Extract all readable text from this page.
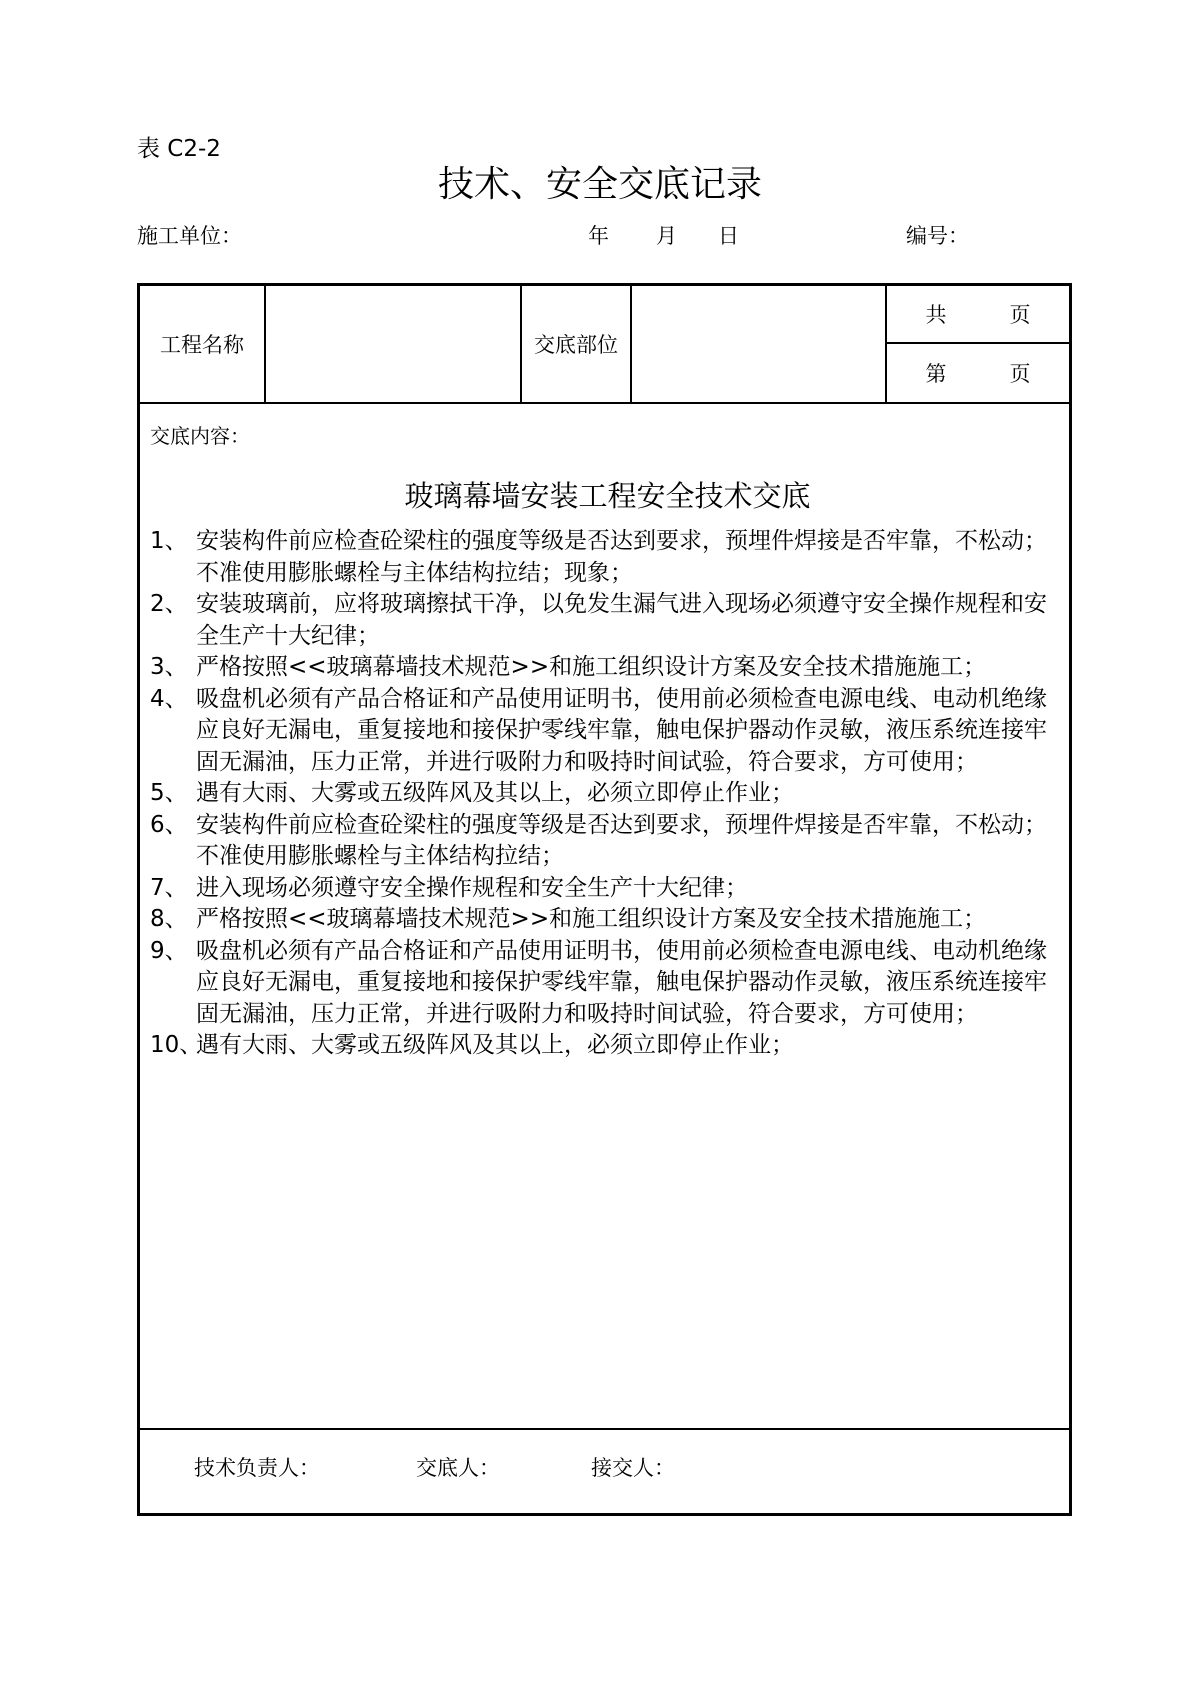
表 C2-2
技术、安全交底记录
施工单位：	年 月 日	编号：
工程名称	交底部位
共　　　页
第　　　页
交底内容：
玻璃幕墙安装工程安全技术交底
1、 安装构件前应检查砼梁柱的强度等级是否达到要求，预埋件焊接是否牢靠，不松动；不准使用膨胀螺栓与主体结构拉结；现象；
2、 安装玻璃前，应将玻璃擦拭干净，以免发生漏气进入现场必须遵守安全操作规程和安全生产十大纪律；
3、 严格按照<<玻璃幕墙技术规范>>和施工组织设计方案及安全技术措施施工；
4、 吸盘机必须有产品合格证和产品使用证明书，使用前必须检查电源电线、电动机绝缘应良好无漏电，重复接地和接保护零线牢靠，触电保护器动作灵敏，液压系统连接牢固无漏油，压力正常，并进行吸附力和吸持时间试验，符合要求，方可使用；
5、 遇有大雨、大雾或五级阵风及其以上，必须立即停止作业；
6、 安装构件前应检查砼梁柱的强度等级是否达到要求，预埋件焊接是否牢靠，不松动；不准使用膨胀螺栓与主体结构拉结；
7、 进入现场必须遵守安全操作规程和安全生产十大纪律；
8、 严格按照<<玻璃幕墙技术规范>>和施工组织设计方案及安全技术措施施工；
9、 吸盘机必须有产品合格证和产品使用证明书，使用前必须检查电源电线、电动机绝缘应良好无漏电，重复接地和接保护零线牢靠，触电保护器动作灵敏，液压系统连接牢固无漏油，压力正常，并进行吸附力和吸持时间试验，符合要求，方可使用；
10、
遇有大雨、大雾或五级阵风及其以上，必须立即停止作业；
技术负责人：	交底人：	接交人：
